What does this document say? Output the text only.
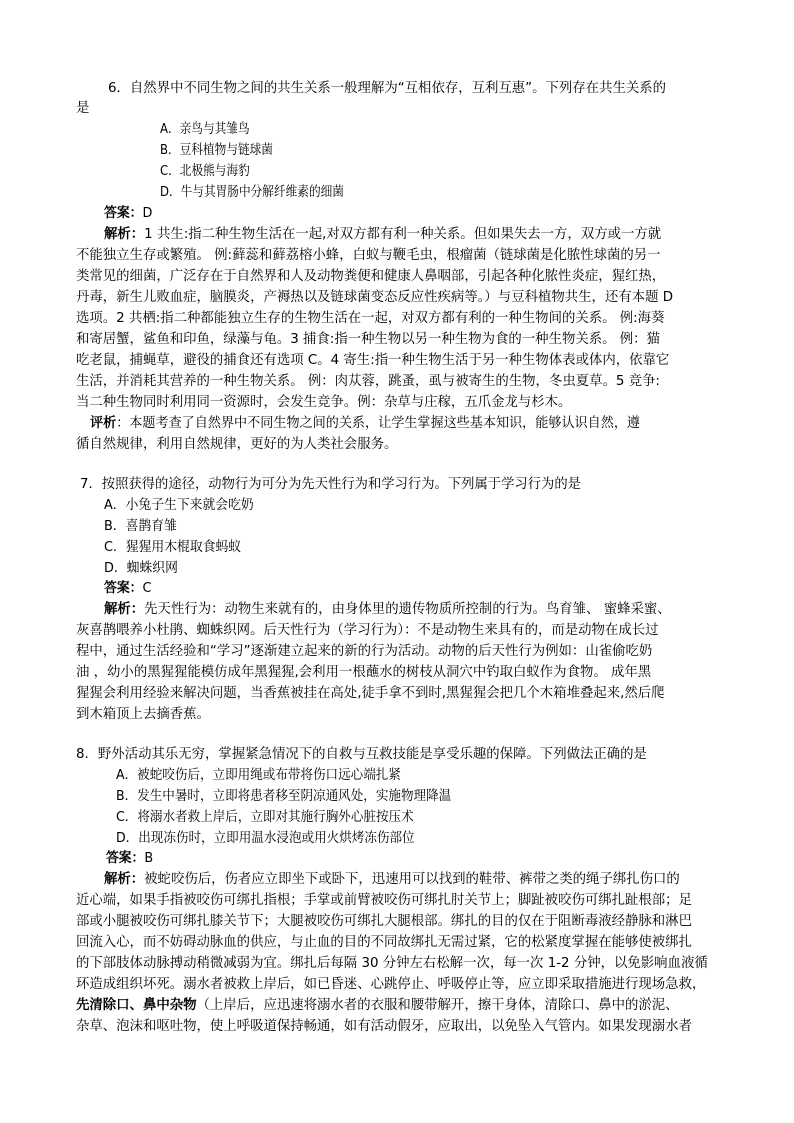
6．自然界中不同生物之间的共生关系一般理解为“互相依存，互利互惠”。下列存在共生关系的
是
A．亲鸟与其雏鸟
B．豆科植物与链球菌
C．北极熊与海豹
D．牛与其胃肠中分解纤维素的细菌
答案：D
解析：1 共生:指二种生物生活在一起,对双方都有利一种关系。但如果失去一方，双方或一方就
不能独立生存或繁殖。 例:藓蕊和藓荔榕小蜂，白蚁与鞭毛虫，根瘤菌（链球菌是化脓性球菌的另一
类常见的细菌，广泛存在于自然界和人及动物粪便和健康人鼻咽部，引起各种化脓性炎症，猩红热，
丹毒，新生儿败血症，脑膜炎，产褥热以及链球菌变态反应性疾病等。）与豆科植物共生，还有本题 D
选项。2 共栖:指二种都能独立生存的生物生活在一起，对双方都有利的一种生物间的关系。 例:海葵
和寄居蟹，鲨鱼和印鱼，绿藻与龟。3 捕食:指一种生物以另一种生物为食的一种生物关系。 例：猫
吃老鼠，捕蝇草，避役的捕食还有选项 C。4 寄生:指一种生物生活于另一种生物体表或体内，依靠它
生活，并消耗其营养的一种生物关系。 例：肉苁蓉，跳蚤，虱与被寄生的生物，冬虫夏草。5 竞争:
当二种生物同时利用同一资源时，会发生竞争。例：杂草与庄稼，五爪金龙与杉木。
评析：本题考查了自然界中不同生物之间的关系，让学生掌握这些基本知识，能够认识自然，遵
循自然规律，利用自然规律，更好的为人类社会服务。
7．按照获得的途径，动物行为可分为先天性行为和学习行为。下列属于学习行为的是
A．小兔子生下来就会吃奶
B．喜鹊育雏
C．猩猩用木棍取食蚂蚁
D．蜘蛛织网
答案：C
解析：先天性行为：动物生来就有的，由身体里的遗传物质所控制的行为。鸟育雏、 蜜蜂采蜜、
灰喜鹊喂养小杜鹃、蜘蛛织网。后天性行为（学习行为）：不是动物生来具有的，而是动物在成长过
程中，通过生活经验和“学习”逐渐建立起来的新的行为活动。动物的后天性行为例如：山雀偷吃奶
油 ，幼小的黑猩猩能模仿成年黑猩猩,会利用一根蘸水的树枝从洞穴中钓取白蚁作为食物。 成年黑
猩猩会利用经验来解决问题，当香蕉被挂在高处,徒手拿不到时,黑猩猩会把几个木箱堆叠起来,然后爬
到木箱顶上去摘香蕉。
8．野外活动其乐无穷，掌握紧急情况下的自救与互救技能是享受乐趣的保障。下列做法正确的是
A．被蛇咬伤后，立即用绳或布带将伤口远心端扎紧
B．发生中暑时，立即将患者移至阴凉通风处，实施物理降温
C．将溺水者救上岸后，立即对其施行胸外心脏按压术
D．出现冻伤时，立即用温水浸泡或用火烘烤冻伤部位
答案：B
解析：被蛇咬伤后，伤者应立即坐下或卧下，迅速用可以找到的鞋带、裤带之类的绳子绑扎伤口的
近心端，如果手指被咬伤可绑扎指根；手掌或前臂被咬伤可绑扎肘关节上；脚趾被咬伤可绑扎趾根部；足
部或小腿被咬伤可绑扎膝关节下；大腿被咬伤可绑扎大腿根部。绑扎的目的仅在于阻断毒液经静脉和淋巴
回流入心，而不妨碍动脉血的供应，与止血的目的不同故绑扎无需过紧，它的松紧度掌握在能够使被绑扎
的下部肢体动脉搏动稍微减弱为宜。绑扎后每隔 30 分钟左右松解一次，每一次 1-2 分钟，以免影响血液循
环造成组织坏死。溺水者被救上岸后，如已昏迷、心跳停止、呼吸停止等，应立即采取措施进行现场急救，
先清除口、鼻中杂物（上岸后，应迅速将溺水者的衣服和腰带解开，擦干身体，清除口、鼻中的淤泥、
杂草、泡沫和呕吐物，使上呼吸道保持畅通，如有活动假牙，应取出，以免坠入气管内。如果发现溺水者
